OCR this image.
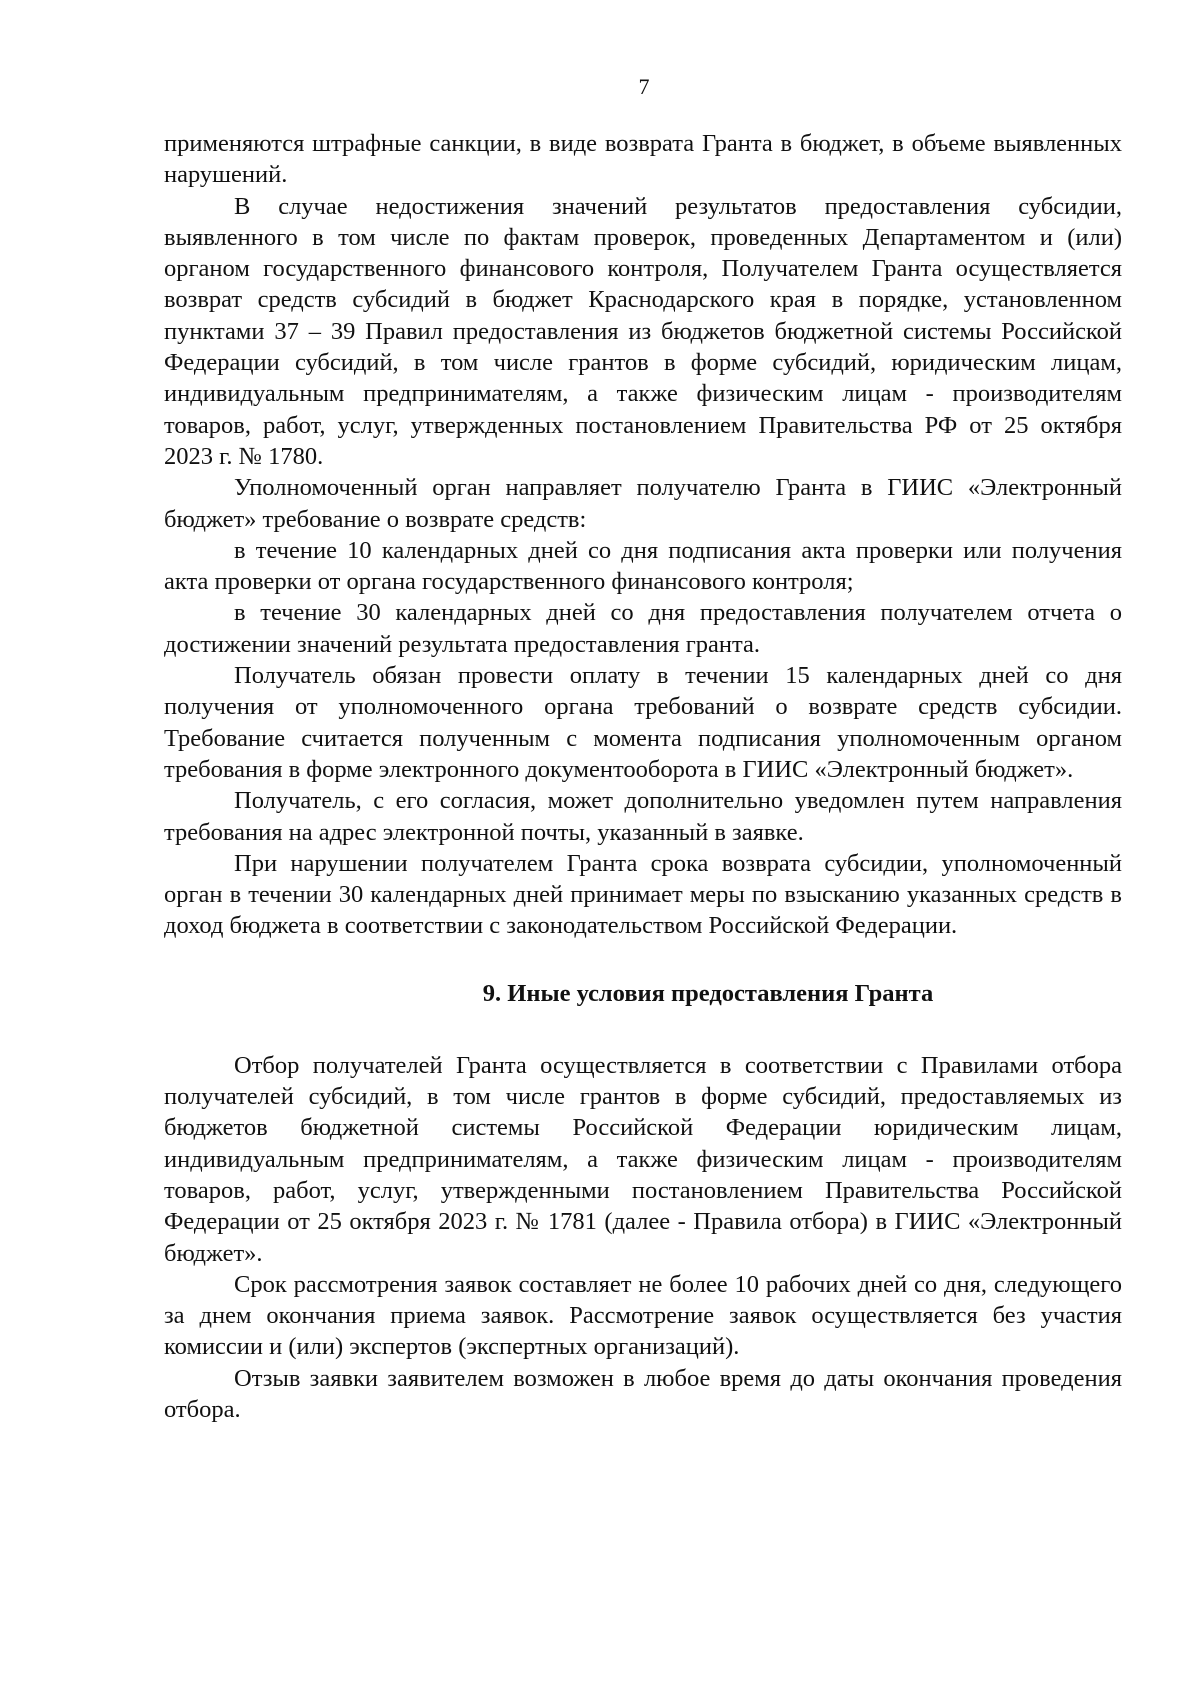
7

применяются штрафные санкции, в виде возврата Гранта в бюджет, в объеме выявленных нарушений.

В случае недостижения значений результатов предоставления субсидии, выявленного в том числе по фактам проверок, проведенных Департаментом и (или) органом государственного финансового контроля, Получателем Гранта осуществляется возврат средств субсидий в бюджет Краснодарского края в порядке, установленном пунктами 37 – 39 Правил предоставления из бюджетов бюджетной системы Российской Федерации субсидий, в том числе грантов в форме субсидий, юридическим лицам, индивидуальным предпринимателям, а также физическим лицам - производителям товаров, работ, услуг, утвержденных постановлением Правительства РФ от 25 октября 2023 г. № 1780.

Уполномоченный орган направляет получателю Гранта в ГИИС «Электронный бюджет» требование о возврате средств:

в течение 10 календарных дней со дня подписания акта проверки или получения акта проверки от органа государственного финансового контроля;

в течение 30 календарных дней со дня предоставления получателем отчета о достижении значений результата предоставления гранта.

Получатель обязан провести оплату в течении 15 календарных дней со дня получения от уполномоченного органа требований о возврате средств субсидии. Требование считается полученным с момента подписания уполномоченным органом требования в форме электронного документооборота в ГИИС «Электронный бюджет».

Получатель, с его согласия, может дополнительно уведомлен путем направления требования на адрес электронной почты, указанный в заявке.

При нарушении получателем Гранта срока возврата субсидии, уполномоченный орган в течении 30 календарных дней принимает меры по взысканию указанных средств в доход бюджета в соответствии с законодательством Российской Федерации.

9. Иные условия предоставления Гранта

Отбор получателей Гранта осуществляется в соответствии с Правилами отбора получателей субсидий, в том числе грантов в форме субсидий, предоставляемых из бюджетов бюджетной системы Российской Федерации юридическим лицам, индивидуальным предпринимателям, а также физическим лицам - производителям товаров, работ, услуг, утвержденными постановлением Правительства Российской Федерации от 25 октября 2023 г. № 1781 (далее - Правила отбора) в ГИИС «Электронный бюджет».

Срок рассмотрения заявок составляет не более 10 рабочих дней со дня, следующего за днем окончания приема заявок. Рассмотрение заявок осуществляется без участия комиссии и (или) экспертов (экспертных организаций).

Отзыв заявки заявителем возможен в любое время до даты окончания проведения отбора.
